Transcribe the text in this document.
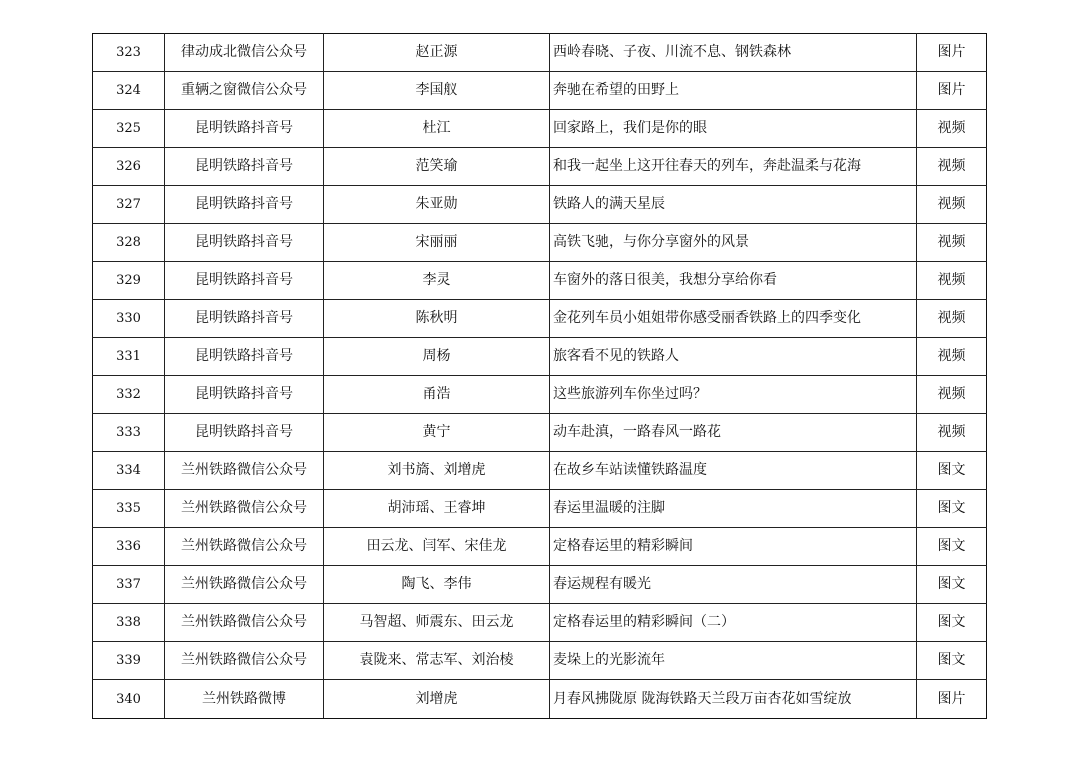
323	律动成北微信公众号	赵正源	西岭春晓、子夜、川流不息、钢铁森林	图片
324	重辆之窗微信公众号	李国舣	奔驰在希望的田野上	图片
325	昆明铁路抖音号	杜江	回家路上，我们是你的眼	视频
326	昆明铁路抖音号	范笑瑜	和我一起坐上这开往春天的列车，奔赴温柔与花海	视频
327	昆明铁路抖音号	朱亚勋	铁路人的满天星辰	视频
328	昆明铁路抖音号	宋丽丽	高铁飞驰，与你分享窗外的风景	视频
329	昆明铁路抖音号	李灵	车窗外的落日很美，我想分享给你看	视频
330	昆明铁路抖音号	陈秋明	金花列车员小姐姐带你感受丽香铁路上的四季变化	视频
331	昆明铁路抖音号	周杨	旅客看不见的铁路人	视频
332	昆明铁路抖音号	甬浩	这些旅游列车你坐过吗？	视频
333	昆明铁路抖音号	黄宁	动车赴滇，一路春风一路花	视频
334	兰州铁路微信公众号	刘书旖、刘增虎	在故乡车站读懂铁路温度	图文
335	兰州铁路微信公众号	胡沛瑶、王睿坤	春运里温暖的注脚	图文
336	兰州铁路微信公众号	田云龙、闫军、宋佳龙	定格春运里的精彩瞬间	图文
337	兰州铁路微信公众号	陶飞、李伟	春运规程有暖光	图文
338	兰州铁路微信公众号	马智超、师震东、田云龙	定格春运里的精彩瞬间（二）	图文
339	兰州铁路微信公众号	袁陇来、常志军、刘治棱	麦垛上的光影流年	图文
340	兰州铁路微博	刘增虎	月春风拂陇原 陇海铁路天兰段万亩杏花如雪绽放	图片
